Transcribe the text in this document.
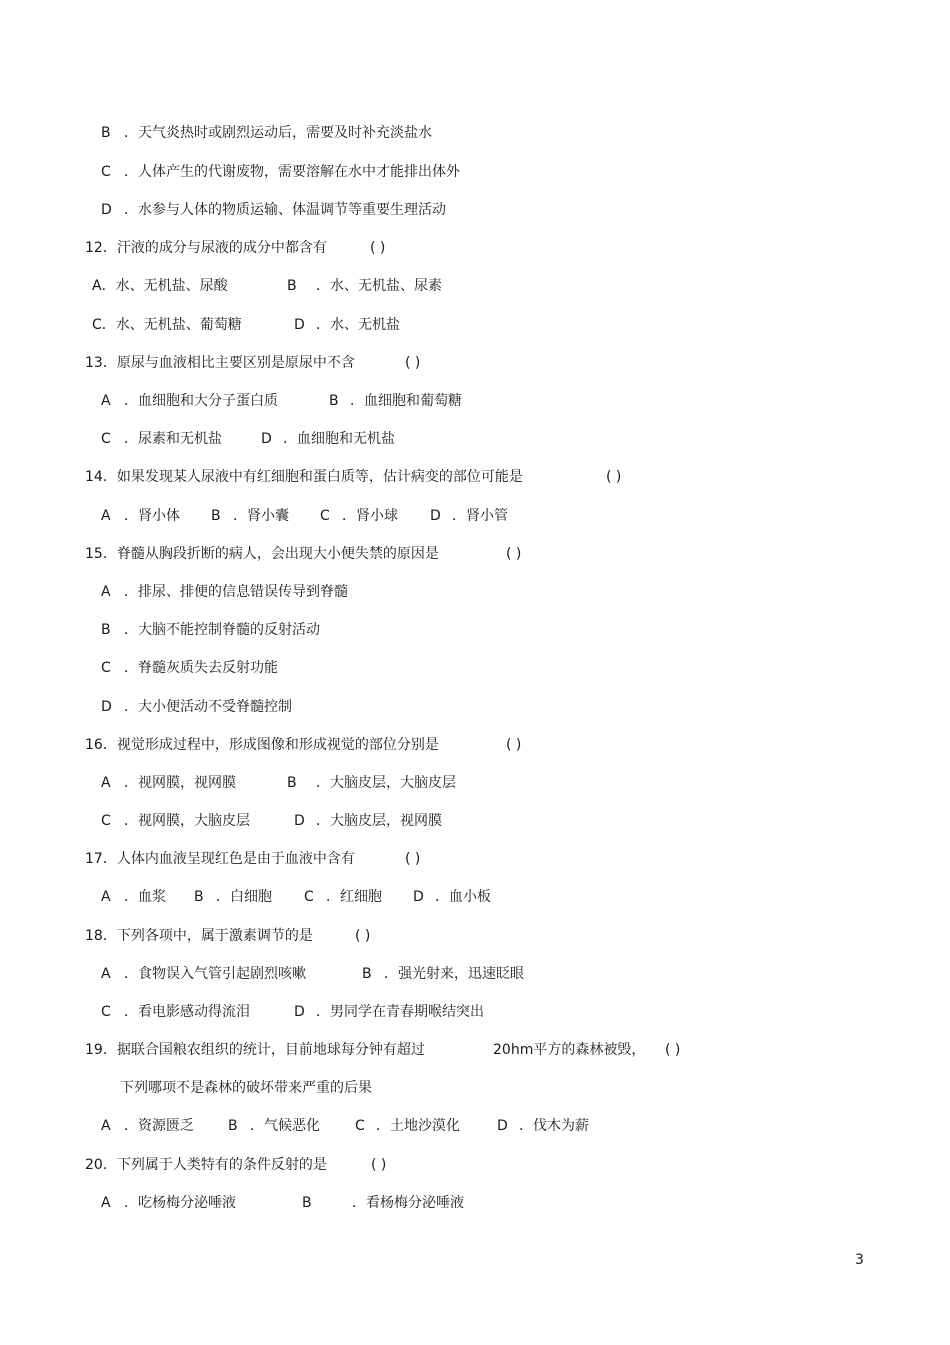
B ．天气炎热时或剧烈运动后，需要及时补充淡盐水
C ．人体产生的代谢废物，需要溶解在水中才能排出体外
D ．水参与人体的物质运输、体温调节等重要生理活动
12．汗液的成分与尿液的成分中都含有	( )
A．水、无机盐、尿酸	B ．水、无机盐、尿素
C．水、无机盐、葡萄糖	D ．水、无机盐
13．原尿与血液相比主要区别是原尿中不含	( )
A ．血细胞和大分子蛋白质	B ．血细胞和葡萄糖
C ．尿素和无机盐	D ．血细胞和无机盐
14．如果发现某人尿液中有红细胞和蛋白质等，估计病变的部位可能是	( )
A ．肾小体 B ．肾小囊 C ．肾小球 D ．肾小管
15．脊髓从胸段折断的病人，会出现大小便失禁的原因是	( )
A ．排尿、排便的信息错误传导到脊髓
B ．大脑不能控制脊髓的反射活动
C ．脊髓灰质失去反射功能
D ．大小便活动不受脊髓控制
16．视觉形成过程中，形成图像和形成视觉的部位分别是	( )
A ．视网膜，视网膜	B ．大脑皮层，大脑皮层
C ．视网膜，大脑皮层	D ．大脑皮层，视网膜
17．人体内血液呈现红色是由于血液中含有	( )
A ．血浆 B ．白细胞 C ．红细胞 D ．血小板
18．下列各项中，属于激素调节的是	( )
A ．食物误入气管引起剧烈咳嗽	B ．强光射来，迅速眨眼
C ．看电影感动得流泪	D ．男同学在青春期喉结突出
19．据联合国粮农组织的统计，目前地球每分钟有超过	20hm平方的森林被毁， ( )
下列哪项不是森林的破坏带来严重的后果
A ．资源匮乏 B ．气候恶化	C ．土地沙漠化	D ．伐木为薪
20．下列属于人类特有的条件反射的是	( )
A ．吃杨梅分泌唾液	B	．看杨梅分泌唾液
3
